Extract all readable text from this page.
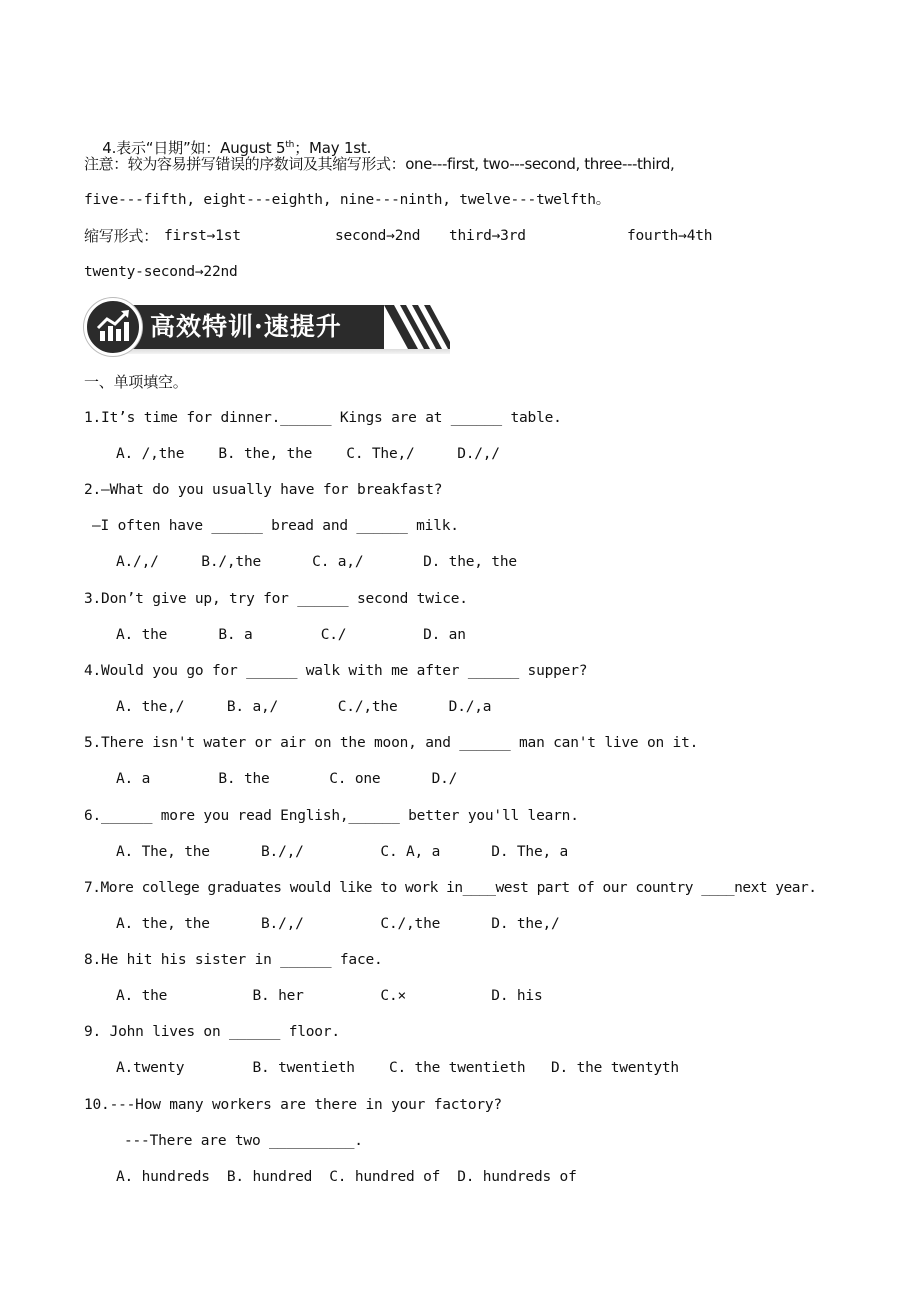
4.表示“日期”如：August 5th；May 1st.

注意：较为容易拼写错误的序数词及其缩写形式：one---first, two---second, three---third,
five---fifth, eight---eighth, nine---ninth, twelve---twelfth。
缩写形式： first→1st	second→2nd third→3rd	fourth→4th
twenty-second→22nd
高效特训·速提升
一、单项填空。
1.It’s time for dinner.______ Kings are at ______ table.
A. /,the    B. the, the    C. The,/     D./,/
2.—What do you usually have for breakfast?
—I often have ______ bread and ______ milk.
A./,/     B./,the      C. a,/       D. the, the
3.Don’t give up, try for ______ second twice.
A. the      B. a        C./         D. an
4.Would you go for ______ walk with me after ______ supper?
A. the,/     B. a,/       C./,the      D./,a
5.There isn't water or air on the moon, and ______ man can't live on it.
A. a        B. the       C. one      D./
6.______ more you read English,______ better you'll learn.
A. The, the      B./,/         C. A, a      D. The, a
7.More college graduates would like to work in____west part of our country ____next year.
A. the, the      B./,/         C./,the      D. the,/
8.He hit his sister in ______ face.
A. the          B. her         C.×          D. his
9. John lives on ______ floor.
A.twenty        B. twentieth    C. the twentieth   D. the twentyth
10.---How many workers are there in your factory?
---There are two __________.
A. hundreds  B. hundred  C. hundred of  D. hundreds of
